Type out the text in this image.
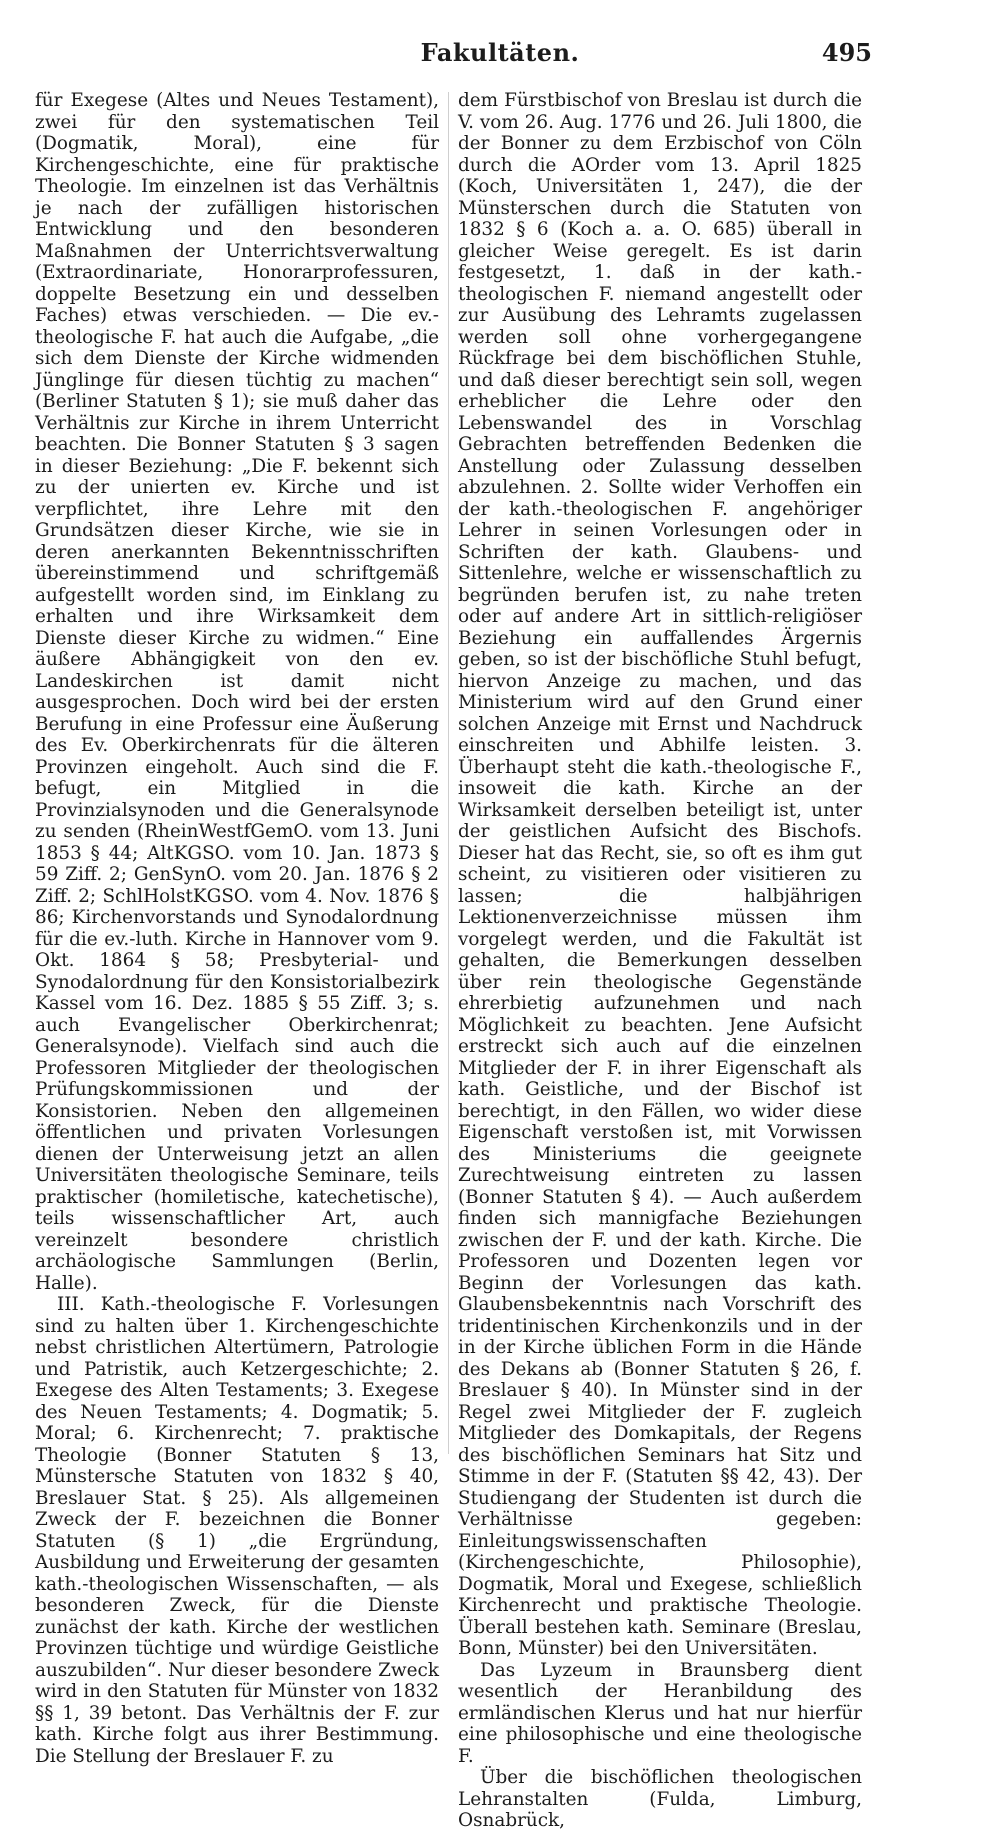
Fakultäten.	495

für Exegese (Altes und Neues Testament), zwei für den systematischen Teil (Dogmatik, Moral), eine für Kirchengeschichte, eine für praktische Theologie. Im einzelnen ist das Verhältnis je nach der zufälligen historischen Entwicklung und den besonderen Maßnahmen der Unterrichtsverwaltung (Extraordinariate, Honorarprofessuren, doppelte Besetzung ein und desselben Faches) etwas verschieden. — Die ev.-theologische F. hat auch die Aufgabe, „die sich dem Dienste der Kirche widmenden Jünglinge für diesen tüchtig zu machen“ (Berliner Statuten § 1); sie muß daher das Verhältnis zur Kirche in ihrem Unterricht beachten. Die Bonner Statuten § 3 sagen in dieser Beziehung: „Die F. bekennt sich zu der unierten ev. Kirche und ist verpflichtet, ihre Lehre mit den Grundsätzen dieser Kirche, wie sie in deren anerkannten Bekenntnisschriften übereinstimmend und schriftgemäß aufgestellt worden sind, im Einklang zu erhalten und ihre Wirksamkeit dem Dienste dieser Kirche zu widmen.“ Eine äußere Abhängigkeit von den ev. Landeskirchen ist damit nicht ausgesprochen. Doch wird bei der ersten Berufung in eine Professur eine Äußerung des Ev. Oberkirchenrats für die älteren Provinzen eingeholt. Auch sind die F. befugt, ein Mitglied in die Provinzialsynoden und die Generalsynode zu senden (RheinWestfGemO. vom 13. Juni 1853 § 44; AltKGSO. vom 10. Jan. 1873 § 59 Ziff. 2; GenSynO. vom 20. Jan. 1876 § 2 Ziff. 2; SchlHolstKGSO. vom 4. Nov. 1876 § 86; Kirchenvorstands und Synodalordnung für die ev.-luth. Kirche in Hannover vom 9. Okt. 1864 § 58; Presbyterial- und Synodalordnung für den Konsistorialbezirk Kassel vom 16. Dez. 1885 § 55 Ziff. 3; s. auch Evangelischer Oberkirchenrat; Generalsynode). Vielfach sind auch die Professoren Mitglieder der theologischen Prüfungskommissionen und der Konsistorien. Neben den allgemeinen öffentlichen und privaten Vorlesungen dienen der Unterweisung jetzt an allen Universitäten theologische Seminare, teils praktischer (homiletische, katechetische), teils wissenschaftlicher Art, auch vereinzelt besondere christlich archäologische Sammlungen (Berlin, Halle).

III. Kath.-theologische F. Vorlesungen sind zu halten über 1. Kirchengeschichte nebst christlichen Altertümern, Patrologie und Patristik, auch Ketzergeschichte; 2. Exegese des Alten Testaments; 3. Exegese des Neuen Testaments; 4. Dogmatik; 5. Moral; 6. Kirchenrecht; 7. praktische Theologie (Bonner Statuten § 13, Münstersche Statuten von 1832 § 40, Breslauer Stat. § 25). Als allgemeinen Zweck der F. bezeichnen die Bonner Statuten (§ 1) „die Ergründung, Ausbildung und Erweiterung der gesamten kath.-theologischen Wissenschaften, — als besonderen Zweck, für die Dienste zunächst der kath. Kirche der westlichen Provinzen tüchtige und würdige Geistliche auszubilden“. Nur dieser besondere Zweck wird in den Statuten für Münster von 1832 §§ 1, 39 betont. Das Verhältnis der F. zur kath. Kirche folgt aus ihrer Bestimmung. Die Stellung der Breslauer F. zu

dem Fürstbischof von Breslau ist durch die V. vom 26. Aug. 1776 und 26. Juli 1800, die der Bonner zu dem Erzbischof von Cöln durch die AOrder vom 13. April 1825 (Koch, Universitäten 1, 247), die der Münsterschen durch die Statuten von 1832 § 6 (Koch a. a. O. 685) überall in gleicher Weise geregelt. Es ist darin festgesetzt, 1. daß in der kath.-theologischen F. niemand angestellt oder zur Ausübung des Lehramts zugelassen werden soll ohne vorhergegangene Rückfrage bei dem bischöflichen Stuhle, und daß dieser berechtigt sein soll, wegen erheblicher die Lehre oder den Lebenswandel des in Vorschlag Gebrachten betreffenden Bedenken die Anstellung oder Zulassung desselben abzulehnen. 2. Sollte wider Verhoffen ein der kath.-theologischen F. angehöriger Lehrer in seinen Vorlesungen oder in Schriften der kath. Glaubens- und Sittenlehre, welche er wissenschaftlich zu begründen berufen ist, zu nahe treten oder auf andere Art in sittlich-religiöser Beziehung ein auffallendes Ärgernis geben, so ist der bischöfliche Stuhl befugt, hiervon Anzeige zu machen, und das Ministerium wird auf den Grund einer solchen Anzeige mit Ernst und Nachdruck einschreiten und Abhilfe leisten. 3. Überhaupt steht die kath.-theologische F., insoweit die kath. Kirche an der Wirksamkeit derselben beteiligt ist, unter der geistlichen Aufsicht des Bischofs. Dieser hat das Recht, sie, so oft es ihm gut scheint, zu visitieren oder visitieren zu lassen; die halbjährigen Lektionenverzeichnisse müssen ihm vorgelegt werden, und die Fakultät ist gehalten, die Bemerkungen desselben über rein theologische Gegenstände ehrerbietig aufzunehmen und nach Möglichkeit zu beachten. Jene Aufsicht erstreckt sich auch auf die einzelnen Mitglieder der F. in ihrer Eigenschaft als kath. Geistliche, und der Bischof ist berechtigt, in den Fällen, wo wider diese Eigenschaft verstoßen ist, mit Vorwissen des Ministeriums die geeignete Zurechtweisung eintreten zu lassen (Bonner Statuten § 4). — Auch außerdem finden sich mannigfache Beziehungen zwischen der F. und der kath. Kirche. Die Professoren und Dozenten legen vor Beginn der Vorlesungen das kath. Glaubensbekenntnis nach Vorschrift des tridentinischen Kirchenkonzils und in der in der Kirche üblichen Form in die Hände des Dekans ab (Bonner Statuten § 26, f. Breslauer § 40). In Münster sind in der Regel zwei Mitglieder der F. zugleich Mitglieder des Domkapitals, der Regens des bischöflichen Seminars hat Sitz und Stimme in der F. (Statuten §§ 42, 43). Der Studiengang der Studenten ist durch die Verhältnisse gegeben: Einleitungswissenschaften (Kirchengeschichte, Philosophie), Dogmatik, Moral und Exegese, schließlich Kirchenrecht und praktische Theologie. Überall bestehen kath. Seminare (Breslau, Bonn, Münster) bei den Universitäten.

Das Lyzeum in Braunsberg dient wesentlich der Heranbildung des ermländischen Klerus und hat nur hierfür eine philosophische und eine theologische F.

Über die bischöflichen theologischen Lehranstalten (Fulda, Limburg, Osnabrück,
